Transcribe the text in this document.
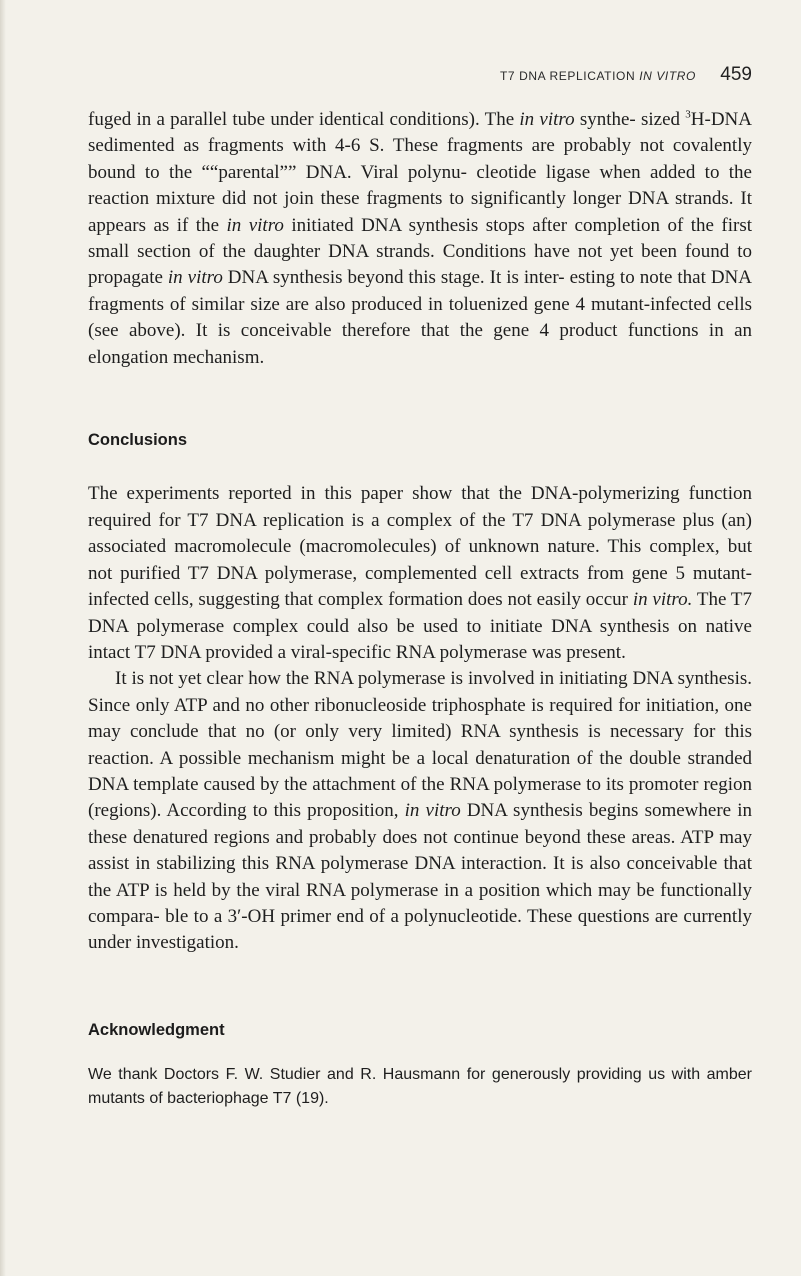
T7 DNA REPLICATION IN VITRO 459

fuged in a parallel tube under identical conditions). The in vitro synthe- sized $^3$H-DNA sedimented as fragments with 4-6 S. These fragments are probably not covalently bound to the ““parental”” DNA. Viral polynu- cleotide ligase when added to the reaction mixture did not join these fragments to significantly longer DNA strands. It appears as if the in vitro initiated DNA synthesis stops after completion of the first small section of the daughter DNA strands. Conditions have not yet been found to propagate in vitro DNA synthesis beyond this stage. It is inter- esting to note that DNA fragments of similar size are also produced in toluenized gene 4 mutant-infected cells (see above). It is conceivable therefore that the gene 4 product functions in an elongation mechanism.

Conclusions

The experiments reported in this paper show that the DNA-polymerizing function required for T7 DNA replication is a complex of the T7 DNA polymerase plus (an) associated macromolecule (macromolecules) of unknown nature. This complex, but not purified T7 DNA polymerase, complemented cell extracts from gene 5 mutant-infected cells, suggesting that complex formation does not easily occur in vitro. The T7 DNA polymerase complex could also be used to initiate DNA synthesis on native intact T7 DNA provided a viral-specific RNA polymerase was present.

It is not yet clear how the RNA polymerase is involved in initiating DNA synthesis. Since only ATP and no other ribonucleoside triphosphate is required for initiation, one may conclude that no (or only very limited) RNA synthesis is necessary for this reaction. A possible mechanism might be a local denaturation of the double stranded DNA template caused by the attachment of the RNA polymerase to its promoter region (regions). According to this proposition, in vitro DNA synthesis begins somewhere in these denatured regions and probably does not continue beyond these areas. ATP may assist in stabilizing this RNA polymerase DNA interaction. It is also conceivable that the ATP is held by the viral RNA polymerase in a position which may be functionally compara- ble to a 3′-OH primer end of a polynucleotide. These questions are currently under investigation.

Acknowledgment

We thank Doctors F. W. Studier and R. Hausmann for generously providing us with amber mutants of bacteriophage T7 (19).
